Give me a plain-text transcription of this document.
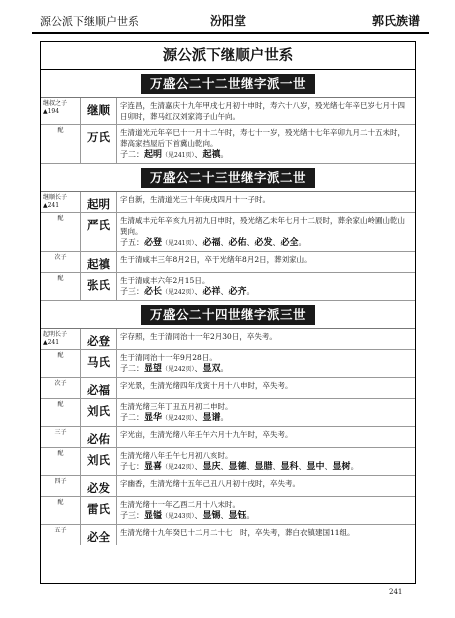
源公派下继顺户世系	汾阳堂	郭氏族谱
源公派下继顺户世系
万盛公二十二世继字派一世
继叔之子▲194	继顺	字连昌，生清嘉庆十九年甲戌七月初十申时，寿六十八岁，殁光绪七年辛巳岁七月十四日卯时，葬马红汉刘家湾子山午向。
配	万氏	生清道光元年辛巳十一月十二午时，寿七十一岁，殁光绪十七年辛卯九月二十五未时，葬高家挡屋后下首冀山乾向。
子二：起明（见241页）、起禛。
万盛公二十三世继字派二世
继顺长子▲241	起明	字自新，生清道光三十年庚戌四月十一子时。
配	严氏	生清咸丰元年辛亥九月初九日申时，殁光绪乙未年七月十二辰时，葬余家山岭圃山乾山巽向。
子五：必登（见241页）、必福、必佑、必发、必全。
次子	起禛	生于清咸丰三年8月2日，卒于光绪年8月2日，葬刘家山。
配	张氏	生于清咸丰六年2月15日。
子三：必长（见242页）、必祥、必齐。
万盛公二十四世继字派三世
起明长子▲241	必登	字存照，生于清同治十一年2月30日，卒失考。
配	马氏	生于清同治十一年9月28日。
子二：显望（见242页）、显双。
次子	必福	字光景，生清光绪四年戊寅十月十八申时，卒失考。
配	刘氏	生清光绪三年丁丑五月初二申时。
子二：显华（见242页）、显谱。
三子	必佑	字光亩，生清光绪八年壬午六月十九午时，卒失考。
配	刘氏	生清光绪八年壬午七月初八亥时。
子七：显喜（见242页）、显庆、显德、显腊、显科、显中、显树。
四子	必发	字幽香，生清光绪十五年己丑八月初十戌时，卒失考。
配	雷氏	生清光绪十一年乙酉二月十八未时。
子三：显镒（见243页）、显锡、显钰。
五子	必全	生清光绪十九年癸巳十二月二十七　时，卒失考，葬白衣镇建国11组。
241
